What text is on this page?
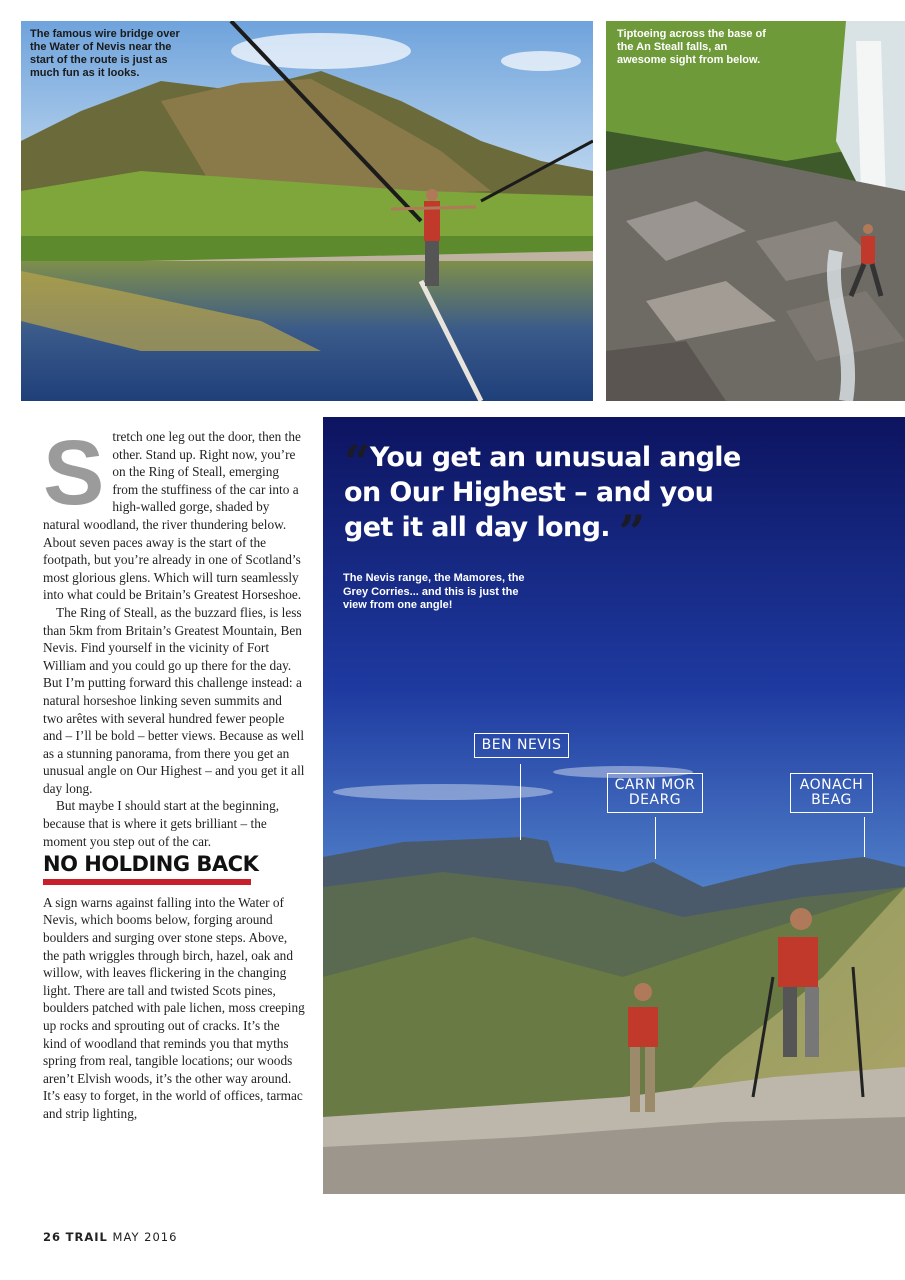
The famous wire bridge over the Water of Nevis near the start of the route is just as much fun as it looks.
Tiptoeing across the base of the An Steall falls, an awesome sight from below.
“You get an unusual angle on Our Highest – and you get it all day long. ”
The Nevis range, the Mamores, the Grey Corries... and this is just the view from one angle!
BEN NEVIS
CARN MOR DEARG
AONACH BEAG
S tretch one leg out the door, then the other. Stand up. Right now, you’re on the Ring of Steall, emerging from the stuffiness of the car into a high-walled gorge, shaded by natural woodland, the river thundering below. About seven paces away is the start of the footpath, but you’re already in one of Scotland’s most glorious glens. Which will turn seamlessly into what could be Britain’s Greatest Horseshoe.

The Ring of Steall, as the buzzard flies, is less than 5km from Britain’s Greatest Mountain, Ben Nevis. Find yourself in the vicinity of Fort William and you could go up there for the day. But I’m putting forward this challenge instead: a natural horseshoe linking seven summits and two arêtes with several hundred fewer people and – I’ll be bold – better views. Because as well as a stunning panorama, from there you get an unusual angle on Our Highest – and you get it all day long.

But maybe I should start at the beginning, because that is where it gets brilliant – the moment you step out of the car.

NO HOLDING BACK

A sign warns against falling into the Water of Nevis, which booms below, forging around boulders and surging over stone steps. Above, the path wriggles through birch, hazel, oak and willow, with leaves flickering in the changing light. There are tall and twisted Scots pines, boulders patched with pale lichen, moss creeping up rocks and sprouting out of cracks. It’s the kind of woodland that reminds you that myths spring from real, tangible locations; our woods aren’t Elvish woods, it’s the other way around. It’s easy to forget, in the world of offices, tarmac and strip lighting,

26 TRAIL MAY 2016
